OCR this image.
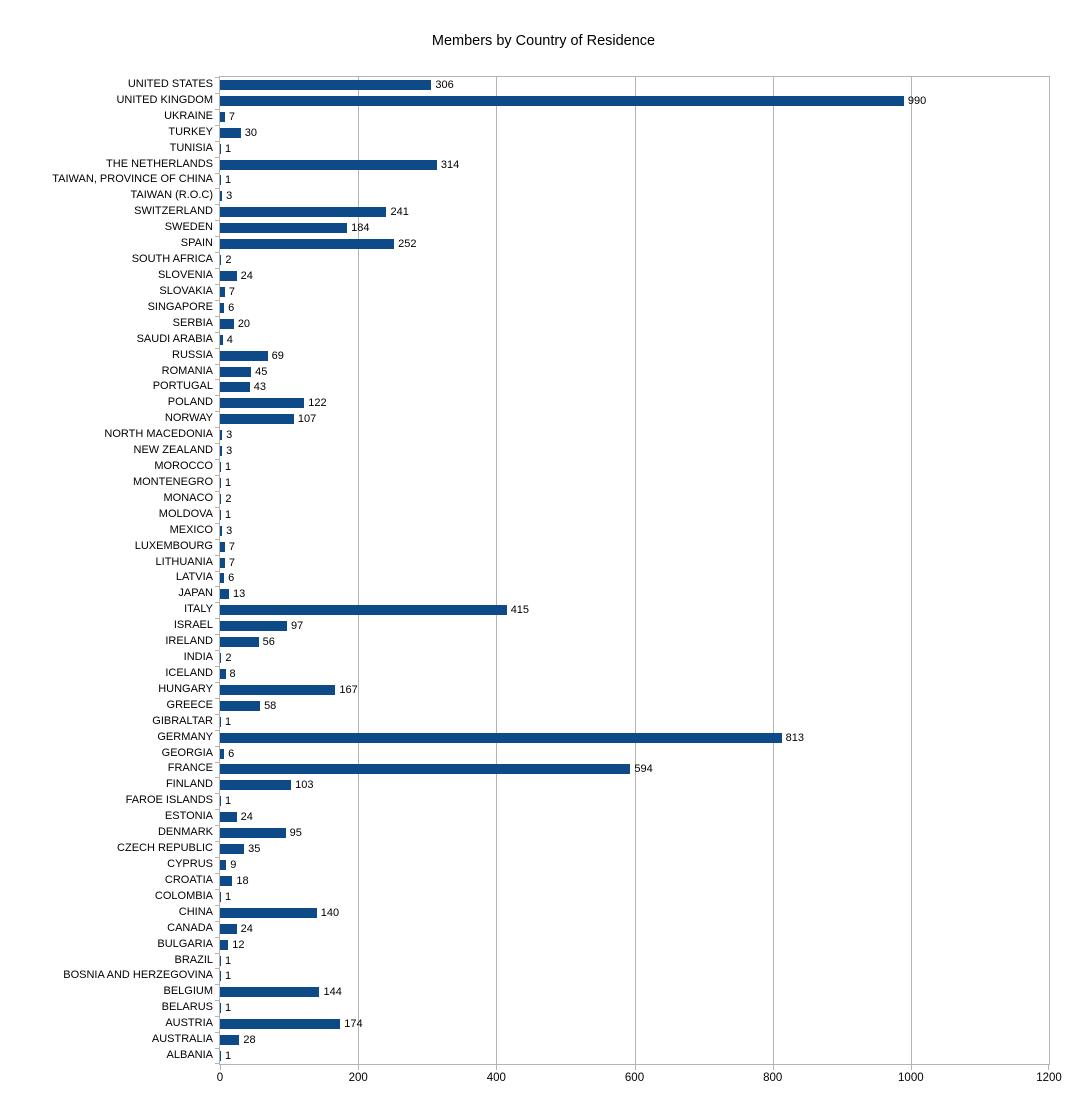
Members by Country of Residence
UNITED STATES
UNITED KINGDOM
UKRAINE
TURKEY
TUNISIA
THE NETHERLANDS
TAIWAN, PROVINCE OF CHINA
TAIWAN (R.O.C)
SWITZERLAND
SWEDEN
SPAIN
SOUTH AFRICA
SLOVENIA
SLOVAKIA
SINGAPORE
SERBIA
SAUDI ARABIA
RUSSIA
ROMANIA
PORTUGAL
POLAND
NORWAY
NORTH MACEDONIA
NEW ZEALAND
MOROCCO
MONTENEGRO
MONACO
MOLDOVA
MEXICO
LUXEMBOURG
LITHUANIA
LATVIA
JAPAN
ITALY
ISRAEL
IRELAND
INDIA
ICELAND
HUNGARY
GREECE
GIBRALTAR
GERMANY
GEORGIA
FRANCE
FINLAND
FAROE ISLANDS
ESTONIA
DENMARK
CZECH REPUBLIC
CYPRUS
CROATIA
COLOMBIA
CHINA
CANADA
BULGARIA
BRAZIL
BOSNIA AND HERZEGOVINA
BELGIUM
BELARUS
AUSTRIA
AUSTRALIA
ALBANIA
306
990
7
30
1
314
1
3
241
184
252
2
24
7
6
20
4
69
45
43
122
107
3
3
1
1
2
1
3
7
7
6
13
415
97
56
2
8
167
58
1
813
6
594
103
1
24
95
35
9
18
1
140
24
12
1
1
144
1
174
28
1
0	200	400	600	800	1000	1200
